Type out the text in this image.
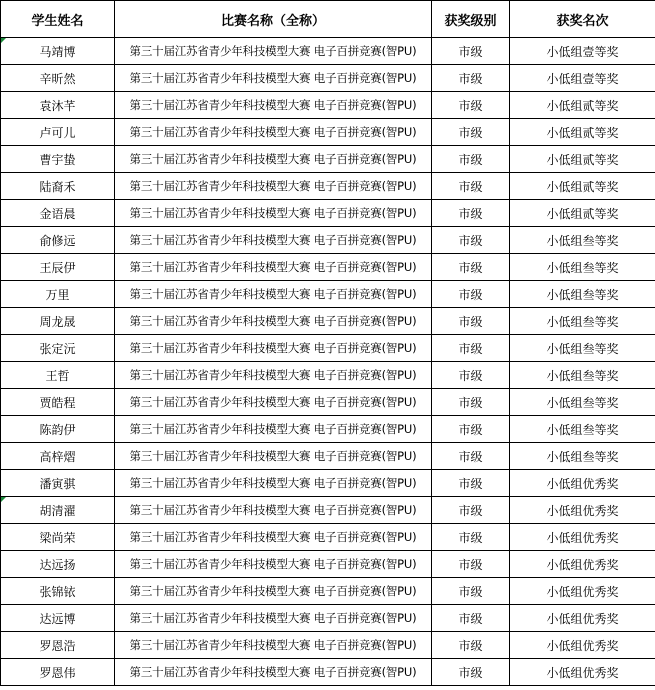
学生姓名	比赛名称（全称）	获奖级别	获奖名次
马靖博	第三十届江苏省青少年科技模型大赛 电子百拼竞赛(智PU)	市级	小低组壹等奖
辛昕然	第三十届江苏省青少年科技模型大赛 电子百拼竞赛(智PU)	市级	小低组壹等奖
袁沐芊	第三十届江苏省青少年科技模型大赛 电子百拼竞赛(智PU)	市级	小低组贰等奖
卢可儿	第三十届江苏省青少年科技模型大赛 电子百拼竞赛(智PU)	市级	小低组贰等奖
曹宇蛰	第三十届江苏省青少年科技模型大赛 电子百拼竞赛(智PU)	市级	小低组贰等奖
陆裔禾	第三十届江苏省青少年科技模型大赛 电子百拼竞赛(智PU)	市级	小低组贰等奖
金语晨	第三十届江苏省青少年科技模型大赛 电子百拼竞赛(智PU)	市级	小低组贰等奖
俞修远	第三十届江苏省青少年科技模型大赛 电子百拼竞赛(智PU)	市级	小低组叁等奖
王辰伊	第三十届江苏省青少年科技模型大赛 电子百拼竞赛(智PU)	市级	小低组叁等奖
万里	第三十届江苏省青少年科技模型大赛 电子百拼竞赛(智PU)	市级	小低组叁等奖
周龙晟	第三十届江苏省青少年科技模型大赛 电子百拼竞赛(智PU)	市级	小低组叁等奖
张定沅	第三十届江苏省青少年科技模型大赛 电子百拼竞赛(智PU)	市级	小低组叁等奖
王哲	第三十届江苏省青少年科技模型大赛 电子百拼竞赛(智PU)	市级	小低组叁等奖
贾皓程	第三十届江苏省青少年科技模型大赛 电子百拼竞赛(智PU)	市级	小低组叁等奖
陈韵伊	第三十届江苏省青少年科技模型大赛 电子百拼竞赛(智PU)	市级	小低组叁等奖
高梓熠	第三十届江苏省青少年科技模型大赛 电子百拼竞赛(智PU)	市级	小低组叁等奖
潘寅骐	第三十届江苏省青少年科技模型大赛 电子百拼竞赛(智PU)	市级	小低组优秀奖
胡清濯	第三十届江苏省青少年科技模型大赛 电子百拼竞赛(智PU)	市级	小低组优秀奖
梁尚荣	第三十届江苏省青少年科技模型大赛 电子百拼竞赛(智PU)	市级	小低组优秀奖
达远扬	第三十届江苏省青少年科技模型大赛 电子百拼竞赛(智PU)	市级	小低组优秀奖
张锦铱	第三十届江苏省青少年科技模型大赛 电子百拼竞赛(智PU)	市级	小低组优秀奖
达远博	第三十届江苏省青少年科技模型大赛 电子百拼竞赛(智PU)	市级	小低组优秀奖
罗恩浩	第三十届江苏省青少年科技模型大赛 电子百拼竞赛(智PU)	市级	小低组优秀奖
罗恩伟	第三十届江苏省青少年科技模型大赛 电子百拼竞赛(智PU)	市级	小低组优秀奖
